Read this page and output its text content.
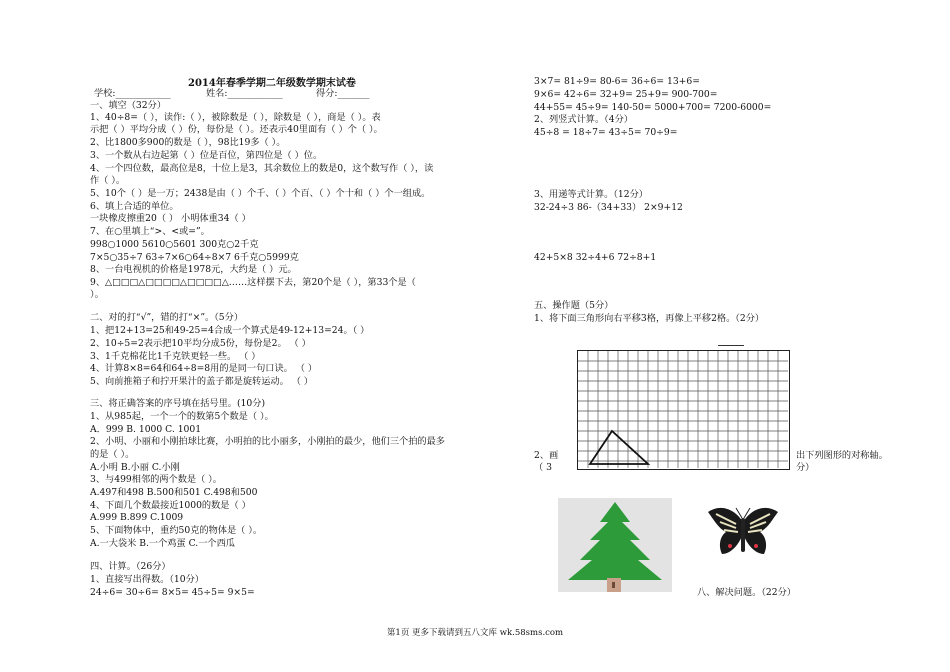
2014年春季学期二年级数学期末试卷
学校:____________	姓名:____________	得分:_______
一、填空（32分）
1、40÷8=（ ），读作:（ ），被除数是（ ），除数是（ ），商是（ ）。表
示把（ ）平均分成（ ）份，每份是（ ）。还表示40里面有（ ）个（ ）。
2、比1800多900的数是（ ），98比19多（ ）。
3、一个数从右边起第（ ）位是百位，第四位是（ ）位。
4、一个四位数，最高位是8，十位上是3，其余数位上的数是0，这个数写作（ ），读
作（ ）。
5、10个（ ）是一万；2438是由（ ）个千、（ ）个百、（ ）个十和（ ）个一组成。
6、填上合适的单位。
一块橡皮擦重20（ ） 小明体重34（ ）
7、在○里填上“>、<或=”。
998○1000 5610○5601 300克○2千克
7×5○35÷7 63÷7×6○64÷8×7 6千克○5999克
8、一台电视机的价格是1978元，大约是（ ）元。
9、△□□□△□□□□△□□□□△……这样摆下去，第20个是（ ），第33个是（
）。
二、对的打“√”，错的打“×”。（5分）
1、把12+13=25和49-25=4合成一个算式是49-12+13=24。（ ）
2、10÷5=2表示把10平均分成5份，每份是2。 （ ）
3、1千克棉花比1千克铁更轻一些。 （ ）
4、计算8×8=64和64÷8=8用的是同一句口诀。 （ ）
5、向前推箱子和拧开果汁的盖子都是旋转运动。 （ ）
三、将正确答案的序号填在括号里。(10分)
1、从985起，一个一个的数第5个数是（ ）。
A．999 B. 1000 C. 1001
2、小明、小丽和小刚拍球比赛，小明拍的比小丽多，小刚拍的最少，他们三个拍的最多
的是（ ）。
A.小明 B.小丽 C.小刚
3、与499相邻的两个数是（ ）。
A.497和498 B.500和501 C.498和500
4、下面几个数最接近1000的数是（ ）
A.999 B.899 C.1009
5、下面物体中，重约50克的物体是（ ）。
A.一大袋米 B.一个鸡蛋 C.一个西瓜
四、计算。（26分）
1、直接写出得数。（10分）
24÷6= 30÷6= 8×5= 45÷5= 9×5=
3×7= 81÷9= 80-6= 36÷6= 13+6=
9×6= 42÷6= 32+9= 25+9= 900-700=
44+55= 45÷9= 140-50= 5000+700= 7200-6000=
2、列竖式计算。（4分）
45÷8 = 18÷7= 43÷5= 70÷9=
3、用递等式计算。（12分）
32-24÷3 86-（34+33） 2×9+12
42+5×8 32÷4+6 72÷8+1
五、操作题（5分）
1、将下面三角形向右平移3格，再像上平移2格。（2分）
2、画
（ 3
出下列图形的对称轴。
分）
八、解决问题。（22分）
第1页 更多下载请到五八文库 wk.58sms.com
